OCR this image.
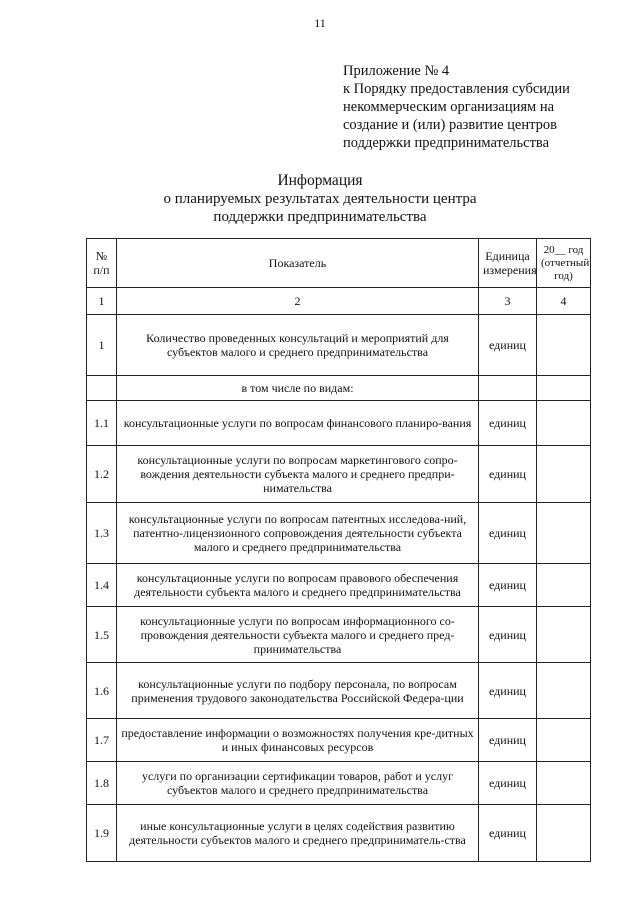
11
Приложение № 4
к Порядку предоставления субсидии
некоммерческим организациям на
создание и (или) развитие центров
поддержки предпринимательства
Информация
о планируемых результатах деятельности центра
поддержки предпринимательства
№ п/п	Показатель	Единица измерения	20__ год (отчетный год)
1	2	3	4
1	Количество проведенных консультаций и мероприятий для субъектов малого и среднего предпринимательства	единиц	
	в том числе по видам:		
1.1	консультационные услуги по вопросам финансового планиро-вания	единиц	
1.2	консультационные услуги по вопросам маркетингового сопро-вождения деятельности субъекта малого и среднего предпри-нимательства	единиц	
1.3	консультационные услуги по вопросам патентных исследова-ний, патентно-лицензионного сопровождения деятельности субъекта малого и среднего предпринимательства	единиц	
1.4	консультационные услуги по вопросам правового обеспечения деятельности субъекта малого и среднего предпринимательства	единиц	
1.5	консультационные услуги по вопросам информационного со-провождения деятельности субъекта малого и среднего пред-принимательства	единиц	
1.6	консультационные услуги по подбору персонала, по вопросам применения трудового законодательства Российской Федера-ции	единиц	
1.7	предоставление информации о возможностях получения кре-дитных и иных финансовых ресурсов	единиц	
1.8	услуги по организации сертификации товаров, работ и услуг субъектов малого и среднего предпринимательства	единиц	
1.9	иные консультационные услуги в целях содействия развитию деятельности субъектов малого и среднего предприниматель-ства	единиц	
